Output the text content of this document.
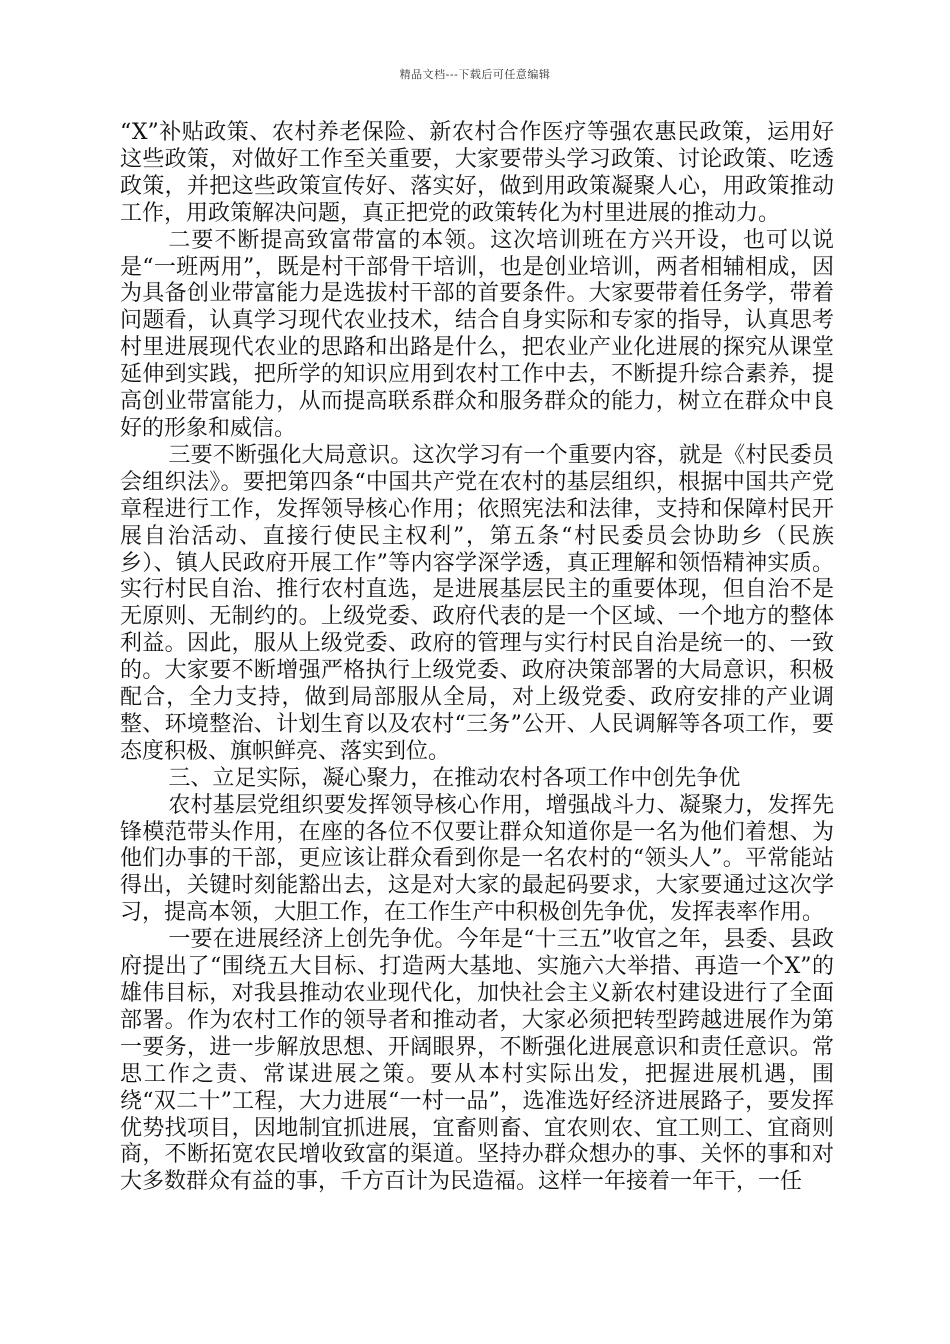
精品文档---下载后可任意编辑

“X”补贴政策、农村养老保险、新农村合作医疗等强农惠民政策，运用好这些政策，对做好工作至关重要，大家要带头学习政策、讨论政策、吃透政策，并把这些政策宣传好、落实好，做到用政策凝聚人心，用政策推动工作，用政策解决问题，真正把党的政策转化为村里进展的推动力。

二要不断提高致富带富的本领。这次培训班在方兴开设，也可以说是“一班两用”，既是村干部骨干培训，也是创业培训，两者相辅相成，因为具备创业带富能力是选拔村干部的首要条件。大家要带着任务学，带着问题看，认真学习现代农业技术，结合自身实际和专家的指导，认真思考村里进展现代农业的思路和出路是什么，把农业产业化进展的探究从课堂延伸到实践，把所学的知识应用到农村工作中去，不断提升综合素养，提高创业带富能力，从而提高联系群众和服务群众的能力，树立在群众中良好的形象和威信。

三要不断强化大局意识。这次学习有一个重要内容，就是《村民委员会组织法》。要把第四条“中国共产党在农村的基层组织，根据中国共产党章程进行工作，发挥领导核心作用；依照宪法和法律，支持和保障村民开展自治活动、直接行使民主权利”，第五条“村民委员会协助乡（民族乡）、镇人民政府开展工作”等内容学深学透，真正理解和领悟精神实质。实行村民自治、推行农村直选，是进展基层民主的重要体现，但自治不是无原则、无制约的。上级党委、政府代表的是一个区域、一个地方的整体利益。因此，服从上级党委、政府的管理与实行村民自治是统一的、一致的。大家要不断增强严格执行上级党委、政府决策部署的大局意识，积极配合，全力支持，做到局部服从全局，对上级党委、政府安排的产业调整、环境整治、计划生育以及农村“三务”公开、人民调解等各项工作，要态度积极、旗帜鲜亮、落实到位。

三、立足实际，凝心聚力，在推动农村各项工作中创先争优

农村基层党组织要发挥领导核心作用，增强战斗力、凝聚力，发挥先锋模范带头作用，在座的各位不仅要让群众知道你是一名为他们着想、为他们办事的干部，更应该让群众看到你是一名农村的“领头人”。平常能站得出，关键时刻能豁出去，这是对大家的最起码要求，大家要通过这次学习，提高本领，大胆工作，在工作生产中积极创先争优，发挥表率作用。

一要在进展经济上创先争优。今年是“十三五”收官之年，县委、县政府提出了“围绕五大目标、打造两大基地、实施六大举措、再造一个X”的雄伟目标，对我县推动农业现代化，加快社会主义新农村建设进行了全面部署。作为农村工作的领导者和推动者，大家必须把转型跨越进展作为第一要务，进一步解放思想、开阔眼界，不断强化进展意识和责任意识。常思工作之责、常谋进展之策。要从本村实际出发，把握进展机遇，围绕“双二十”工程，大力进展“一村一品”，选准选好经济进展路子，要发挥优势找项目，因地制宜抓进展，宜畜则畜、宜农则农、宜工则工、宜商则商，不断拓宽农民增收致富的渠道。坚持办群众想办的事、关怀的事和对大多数群众有益的事，千方百计为民造福。这样一年接着一年干，一任
